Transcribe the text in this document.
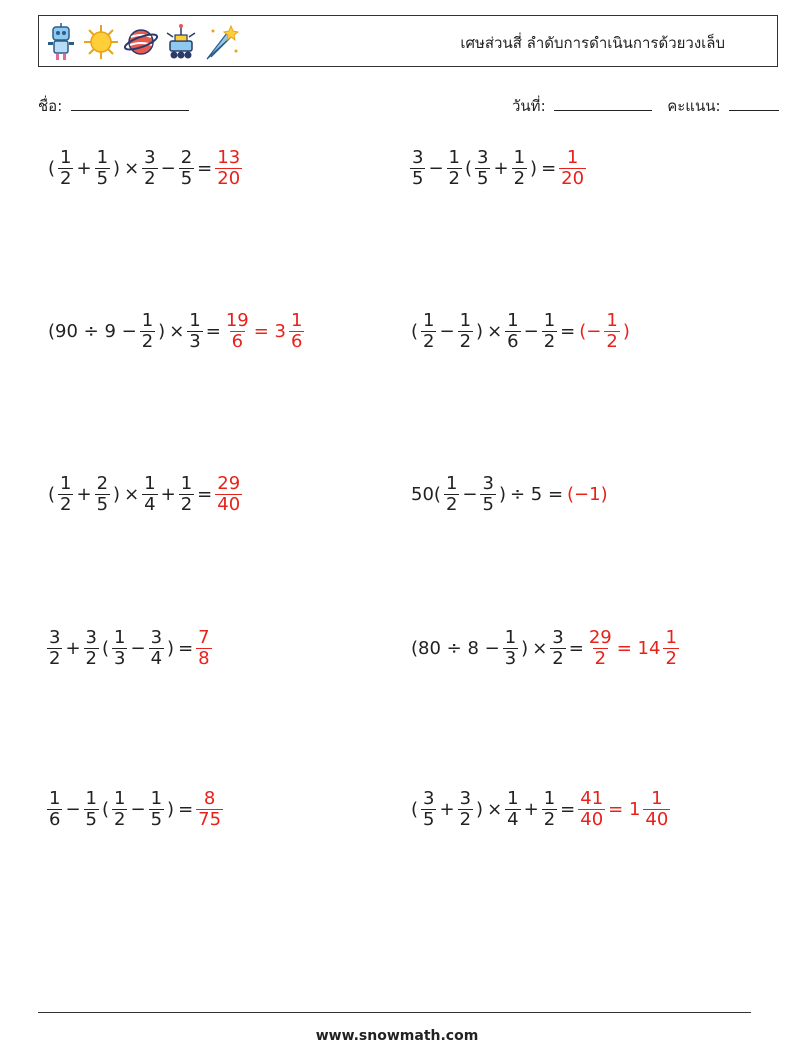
เศษส่วนสี่ ลำดับการดำเนินการด้วยวงเล็บ
ชื่อ:	วันที่:	คะแนน:
( $\frac{1}{2} + \frac{1}{5}$ ) × $\frac{3}{2} - \frac{2}{5} = \frac{13}{20}$	$\frac{3}{5} - \frac{1}{2}$ ( $\frac{3}{5} + \frac{1}{2}$ ) = $\frac{1}{20}$
($90 \div 9 - \frac{1}{2}$ ) × $\frac{1}{3} = \frac{19}{6} = 3 \frac{1}{6}$	( $\frac{1}{2} - \frac{1}{2}$ ) × $\frac{1}{6} - \frac{1}{2}$ = (− $\frac{1}{2}$ )
( $\frac{1}{2} + \frac{2}{5}$ ) × $\frac{1}{4} + \frac{1}{2} = \frac{29}{40}$	$50( \frac{1}{2} - \frac{3}{5}$ ) ÷ 5 = (−1)
$\frac{3}{2} + \frac{3}{2}$ ( $\frac{1}{3} - \frac{3}{4}$ ) = $\frac{7}{8}$	($80 \div 8 - \frac{1}{3}$ ) × $\frac{3}{2} = \frac{29}{2} = 14 \frac{1}{2}$
$\frac{1}{6} - \frac{1}{5}$ ( $\frac{1}{2} - \frac{1}{5}$ ) = $\frac{8}{75}$	( $\frac{3}{5} + \frac{3}{2}$ ) × $\frac{1}{4} + \frac{1}{2} = \frac{41}{40} = 1 \frac{1}{40}$
www.snowmath.com
